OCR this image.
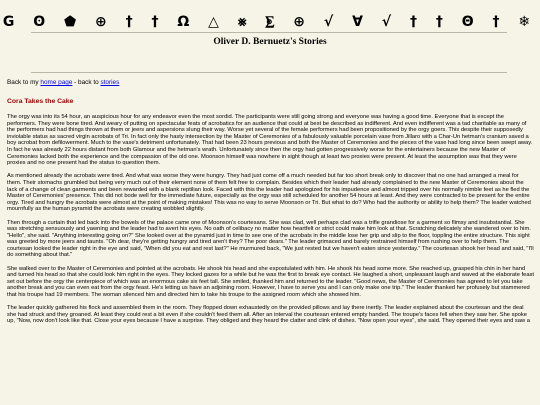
G ʘ ⬟ ⊕ † † Ω △ ⨳ ⨊ ⊕ √ Ɐ √ † † Θ † ❄
Oliver D. Bernuetz's Stories
Back to my home page - back to stories
Cora Takes the Cake

The orgy was into its 54 hour, an auspicious hour for any endeavor even the most sordid. The participants were still going strong and everyone was having a good time. Everyone that is except the performers. They were bone tired. And weary of putting on spectacular feats of acrobatics for an audience that could at best be described as indifferent. And even indifferent was a tad charitable as many of the performers had had things thrown at them or jeers and aspersions slung their way. Worse yet several of the female performers had been propositioned by the orgy goers. This despite their supposedly inviolable status as sacred virgin acrobats of Tri. In fact only the hasty intersection by the Master of Ceremonies of a fabulously valuable porcelain vase from Jillaro with a Char-Un hetman's cranium saved a boy acrobat from defilowerment. Much to the vase's detriment unfortunately. That had been 23 hours previous and both the Master of Ceremonies and the pieces of the vase had long since been swept away. In fact he was already 22 hours distant from both Glamour and the hetman's wrath. Unfortunately since then the orgy had gotten progressively worse for the entertainers because the new Master of Ceremonies lacked both the experience and the compassion of the old one. Moonson himself was nowhere in sight though at least two proxies were present. At least the assumption was that they were proxies and no one present had the status to question them.

As mentioned already the acrobats were tired. And what was worse they were hungry. They had just come off a much needed but far too short break only to discover that no one had arranged a meal for them. Their stomachs grumbled but being very much out of their element none of them felt free to complain. Besides which their leader had already complained to the new Master of Ceremonies about the lack of a change of clean garments and been rewarded with a blank reptilian look. Faced with this the leader had apologized for his impudence and almost tripped over his normally nimble feet as he fled the Master of Ceremonies' presence. This did not bode well for the immediate future, especially as the orgy was still scheduled for another 54 hours at least. And they were contracted to be present for the entire orgy. Tired and hungry the acrobats were almost at the point of making mistakes! This was no way to serve Moonson or Tri. But what to do? Who had the authority or ability to help them? The leader watched mournfully as the human pyramid the acrobats were creating wobbled slightly.

Then through a curtain that led back into the bowels of the palace came one of Moonson's courtesans. She was clad, well perhaps clad was a trifle grandiose for a garment so flimsy and insubstantial. She was stretching sensuously and yawning and the leader had to avert his eyes. No oath of celibacy no matter how heartfelt or strict could make him look at that. Scratching delicately she wandered over to him. "Hello", she said. "Anything interesting going on?" She looked over at the pyramid just in time to see one of the acrobats in the middle lose her grip and slip to the floor, toppling the entire structure. This sight was greeted by more jeers and taunts. "Oh dear, they're getting hungry and tired aren't they? The poor dears." The leader grimaced and barely restrained himself from rushing over to help them. The courtesan looked the leader right in the eye and said, "When did you eat and rest last?" He murmured back, "We just rested but we haven't eaten since yesterday." The courtesan shook her head and said, "I'll do something about that."

She walked over to the Master of Ceremonies and pointed at the acrobats. He shook his head and she expostulated with him. He shook his head some more. She reached up, grasped his chin in her hand and turned his head so that she could look him right in the eyes. They locked gazes for a while but he was the first to break eye contact. He laughed a short, unpleasant laugh and waved at the elaborate feast set out before the orgy the centerpiece of which was an enormous cake six feet tall. She smiled, thanked him and returned to the leader. "Good news, the Master of Ceremonies has agreed to let you take another break and you can even eat from the orgy feast. He's letting us have an adjoining room. However, I have to serve you and I can only make one trip." The leader thanked her profusely but stammered that his troupe had 19 members. The woman silenced him and directed him to take his troupe to the assigned room which she showed him.

The leader quickly gathered his flock and assembled them in the room. They flopped down exhaustedly on the provided pillows and lay there inertly. The leader explained about the courtesan and the deal she had struck and they groaned. At least they could rest a bit even if she couldn't feed them all. After an interval the courtesan entered empty handed. The troupe's faces fell when they saw her. She spoke up, "Now, now don't look like that. Close your eyes because I have a surprise. They obliged and they heard the clatter and clink of dishes. "Now open your eyes", she said. They opened their eyes and saw a
